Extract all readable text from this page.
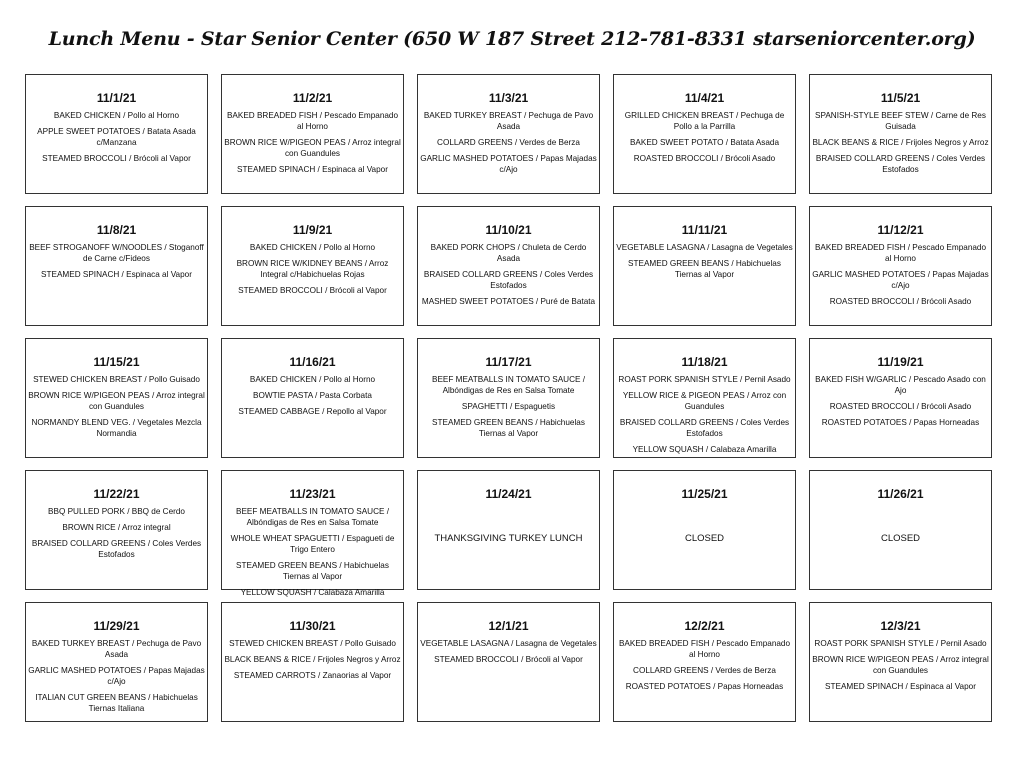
Lunch Menu - Star Senior Center (650 W 187 Street 212-781-8331 starseniorcenter.org)
11/1/21
BAKED CHICKEN / Pollo al Horno
APPLE SWEET POTATOES / Batata Asada c/Manzana
STEAMED BROCCOLI / Brócoli al Vapor
11/2/21
BAKED BREADED FISH / Pescado Empanado al Horno
BROWN RICE W/PIGEON PEAS / Arroz integral con Guandules
STEAMED SPINACH / Espinaca al Vapor
11/3/21
BAKED TURKEY BREAST / Pechuga de Pavo Asada
COLLARD GREENS / Verdes de Berza
GARLIC MASHED POTATOES / Papas Majadas c/Ajo
11/4/21
GRILLED CHICKEN BREAST / Pechuga de Pollo a la Parrilla
BAKED SWEET POTATO / Batata Asada
ROASTED BROCCOLI / Brócoli Asado
11/5/21
SPANISH-STYLE BEEF STEW / Carne de Res Guisada
BLACK BEANS & RICE / Frijoles Negros y Arroz
BRAISED COLLARD GREENS / Coles Verdes Estofados
11/8/21
BEEF STROGANOFF W/NOODLES / Stoganoff de Carne c/Fideos
STEAMED SPINACH / Espinaca al Vapor
11/9/21
BAKED CHICKEN / Pollo al Horno
BROWN RICE W/KIDNEY BEANS / Arroz Integral c/Habichuelas Rojas
STEAMED BROCCOLI / Brócoli al Vapor
11/10/21
BAKED PORK CHOPS / Chuleta de Cerdo Asada
BRAISED COLLARD GREENS / Coles Verdes Estofados
MASHED SWEET POTATOES / Puré de Batata
11/11/21
VEGETABLE LASAGNA / Lasagna de Vegetales
STEAMED GREEN BEANS / Habichuelas Tiernas al Vapor
11/12/21
BAKED BREADED FISH / Pescado Empanado al Horno
GARLIC MASHED POTATOES / Papas Majadas c/Ajo
ROASTED BROCCOLI / Brócoli Asado
11/15/21
STEWED CHICKEN BREAST / Pollo Guisado
BROWN RICE W/PIGEON PEAS / Arroz integral con Guandules
NORMANDY BLEND VEG. / Vegetales Mezcla Normandia
11/16/21
BAKED CHICKEN / Pollo al Horno
BOWTIE PASTA / Pasta Corbata
STEAMED CABBAGE / Repollo al Vapor
11/17/21
BEEF MEATBALLS IN TOMATO SAUCE / Albóndigas de Res en Salsa Tomate
SPAGHETTI / Espaguetis
STEAMED GREEN BEANS / Habichuelas Tiernas al Vapor
11/18/21
ROAST PORK SPANISH STYLE / Pernil Asado
YELLOW RICE & PIGEON PEAS / Arroz con Guandules
BRAISED COLLARD GREENS / Coles Verdes Estofados
YELLOW SQUASH / Calabaza Amarilla
11/19/21
BAKED FISH W/GARLIC / Pescado Asado con Ajo
ROASTED BROCCOLI / Brócoli Asado
ROASTED POTATOES / Papas Horneadas
11/22/21
BBQ PULLED PORK / BBQ de Cerdo
BROWN RICE / Arroz integral
BRAISED COLLARD GREENS / Coles Verdes Estofados
11/23/21
BEEF MEATBALLS IN TOMATO SAUCE / Albóndigas de Res en Salsa Tomate
WHOLE WHEAT SPAGUETTI / Espagueti de Trigo Entero
STEAMED GREEN BEANS / Habichuelas Tiernas al Vapor
YELLOW SQUASH / Calabaza Amarilla
11/24/21
THANKSGIVING TURKEY LUNCH
11/25/21
CLOSED
11/26/21
CLOSED
11/29/21
BAKED TURKEY BREAST / Pechuga de Pavo Asada
GARLIC MASHED POTATOES / Papas Majadas c/Ajo
ITALIAN CUT GREEN BEANS / Habichuelas Tiernas Italiana
11/30/21
STEWED CHICKEN BREAST / Pollo Guisado
BLACK BEANS & RICE / Frijoles Negros y Arroz
STEAMED CARROTS / Zanaorias al Vapor
12/1/21
VEGETABLE LASAGNA / Lasagna de Vegetales
STEAMED BROCCOLI / Brócoli al Vapor
12/2/21
BAKED BREADED FISH / Pescado Empanado al Horno
COLLARD GREENS / Verdes de Berza
ROASTED POTATOES / Papas Horneadas
12/3/21
ROAST PORK SPANISH STYLE / Pernil Asado
BROWN RICE W/PIGEON PEAS / Arroz integral con Guandules
STEAMED SPINACH / Espinaca al Vapor
